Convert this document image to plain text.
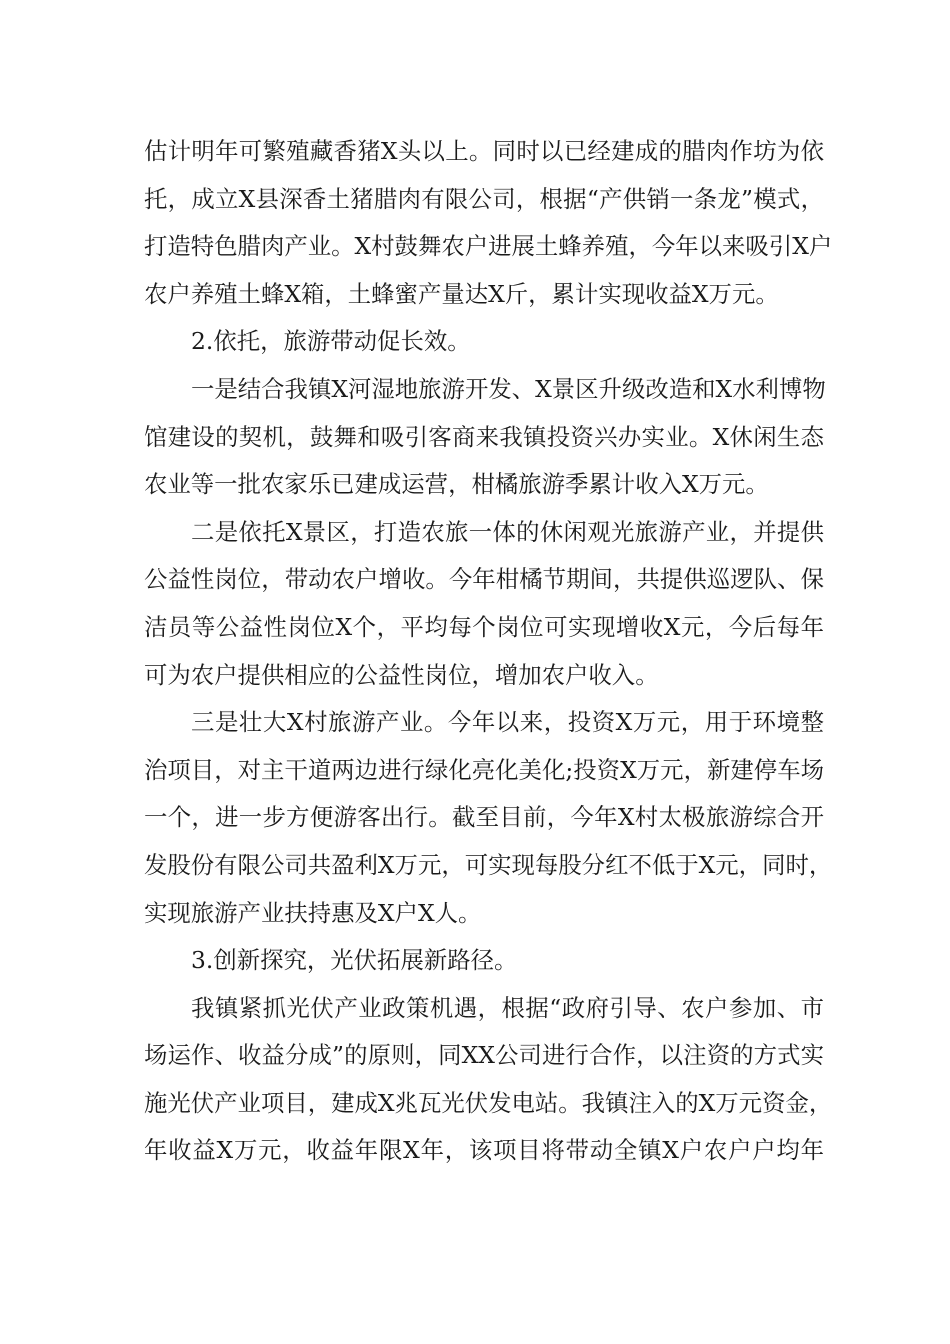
估计明年可繁殖藏香猪X头以上。同时以已经建成的腊肉作坊为依
托，成立X县深香土猪腊肉有限公司，根据“产供销一条龙”模式，
打造特色腊肉产业。X村鼓舞农户进展土蜂养殖，今年以来吸引X户
农户养殖土蜂X箱，土蜂蜜产量达X斤，累计实现收益X万元。
2.依托，旅游带动促长效。
一是结合我镇X河湿地旅游开发、X景区升级改造和X水利博物
馆建设的契机，鼓舞和吸引客商来我镇投资兴办实业。X休闲生态
农业等一批农家乐已建成运营，柑橘旅游季累计收入X万元。
二是依托X景区，打造农旅一体的休闲观光旅游产业，并提供
公益性岗位，带动农户增收。今年柑橘节期间，共提供巡逻队、保
洁员等公益性岗位X个，平均每个岗位可实现增收X元，今后每年
可为农户提供相应的公益性岗位，增加农户收入。
三是壮大X村旅游产业。今年以来，投资X万元，用于环境整
治项目，对主干道两边进行绿化亮化美化;投资X万元，新建停车场
一个，进一步方便游客出行。截至目前，今年X村太极旅游综合开
发股份有限公司共盈利X万元，可实现每股分红不低于X元，同时，
实现旅游产业扶持惠及X户X人。
3.创新探究，光伏拓展新路径。
我镇紧抓光伏产业政策机遇，根据“政府引导、农户参加、市
场运作、收益分成”的原则，同XX公司进行合作，以注资的方式实
施光伏产业项目，建成X兆瓦光伏发电站。我镇注入的X万元资金，
年收益X万元，收益年限X年，该项目将带动全镇X户农户户均年
